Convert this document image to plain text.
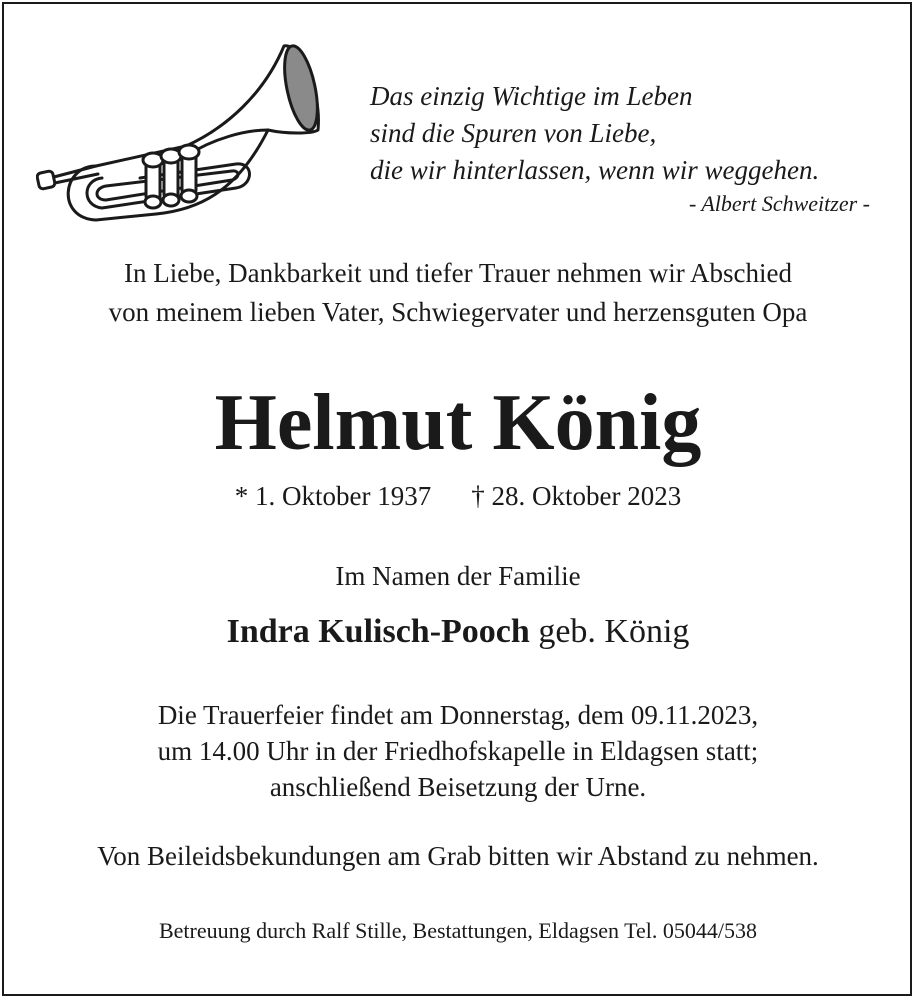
Das einzig Wichtige im Leben
sind die Spuren von Liebe,
die wir hinterlassen, wenn wir weggehen.
- Albert Schweitzer -
In Liebe, Dankbarkeit und tiefer Trauer nehmen wir Abschied
von meinem lieben Vater, Schwiegervater und herzensguten Opa
Helmut König
* 1. Oktober 1937 † 28. Oktober 2023
Im Namen der Familie
Indra Kulisch-Pooch geb. König
Die Trauerfeier findet am Donnerstag, dem 09.11.2023,
um 14.00 Uhr in der Friedhofskapelle in Eldagsen statt;
anschließend Beisetzung der Urne.
Von Beileidsbekundungen am Grab bitten wir Abstand zu nehmen.
Betreuung durch Ralf Stille, Bestattungen, Eldagsen Tel. 05044/538
